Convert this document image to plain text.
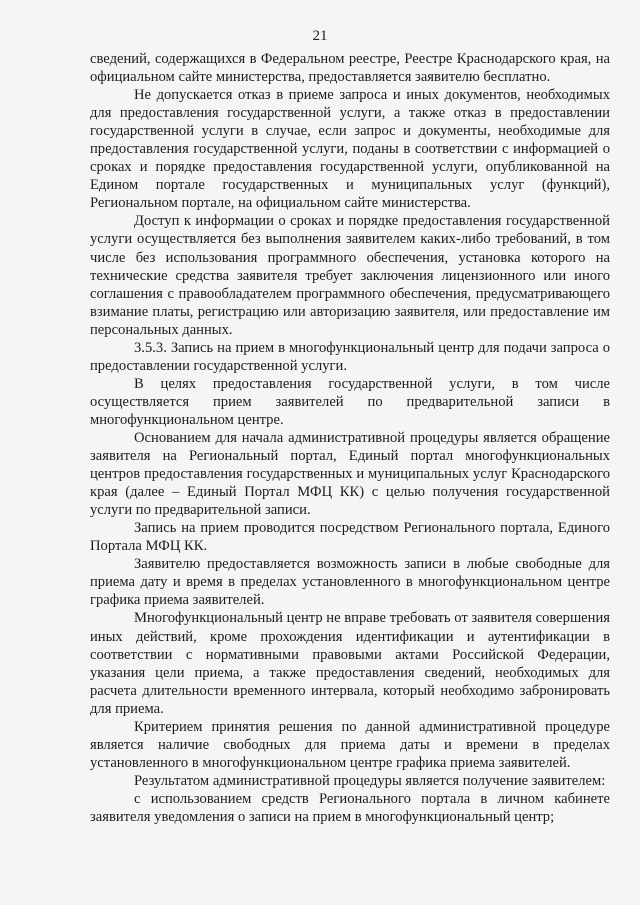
21

сведений, содержащихся в Федеральном реестре, Реестре Краснодарского края, на официальном сайте министерства, предоставляется заявителю бесплатно.

Не допускается отказ в приеме запроса и иных документов, необходимых для предоставления государственной услуги, а также отказ в предоставлении государственной услуги в случае, если запрос и документы, необходимые для предоставления государственной услуги, поданы в соответствии с информацией о сроках и порядке предоставления государственной услуги, опубликованной на Едином портале государственных и муниципальных услуг (функций), Региональном портале, на официальном сайте министерства.

Доступ к информации о сроках и порядке предоставления государственной услуги осуществляется без выполнения заявителем каких-либо требований, в том числе без использования программного обеспечения, установка которого на технические средства заявителя требует заключения лицензионного или иного соглашения с правообладателем программного обеспечения, предусматривающего взимание платы, регистрацию или авторизацию заявителя, или предоставление им персональных данных.

3.5.3. Запись на прием в многофункциональный центр для подачи запроса о предоставлении государственной услуги.

В целях предоставления государственной услуги, в том числе осуществляется прием заявителей по предварительной записи в многофункциональном центре.

Основанием для начала административной процедуры является обращение заявителя на Региональный портал, Единый портал многофункциональных центров предоставления государственных и муниципальных услуг Краснодарского края (далее – Единый Портал МФЦ КК) с целью получения государственной услуги по предварительной записи.

Запись на прием проводится посредством Регионального портала, Единого Портала МФЦ КК.

Заявителю предоставляется возможность записи в любые свободные для приема дату и время в пределах установленного в многофункциональном центре графика приема заявителей.

Многофункциональный центр не вправе требовать от заявителя совершения иных действий, кроме прохождения идентификации и аутентификации в соответствии с нормативными правовыми актами Российской Федерации, указания цели приема, а также предоставления сведений, необходимых для расчета длительности временного интервала, который необходимо забронировать для приема.

Критерием принятия решения по данной административной процедуре является наличие свободных для приема даты и времени в пределах установленного в многофункциональном центре графика приема заявителей.

Результатом административной процедуры является получение заявителем:

с использованием средств Регионального портала в личном кабинете заявителя уведомления о записи на прием в многофункциональный центр;
